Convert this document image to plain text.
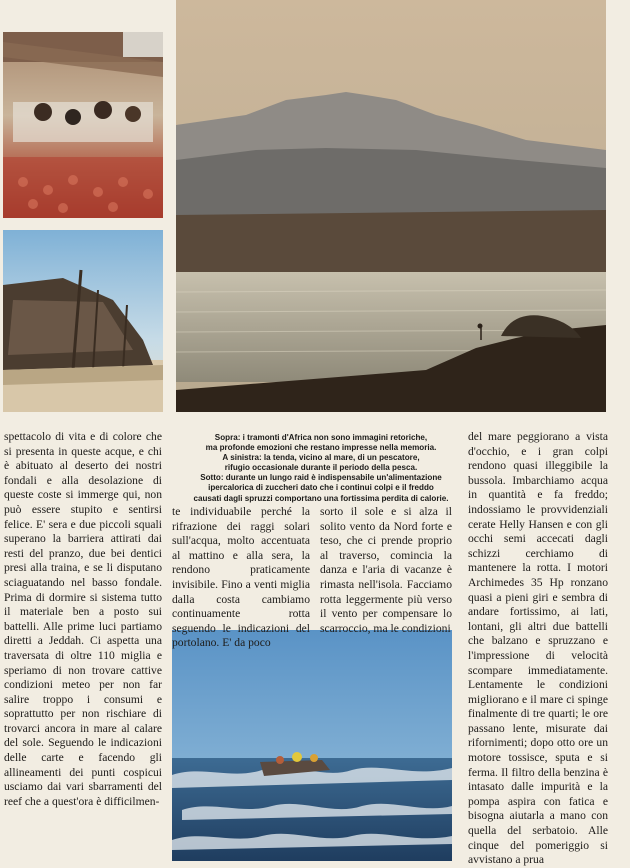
Sopra: i tramonti d'Africa non sono immagini retoriche,

ma profonde emozioni che restano impresse nella memoria.

A sinistra: la tenda, vicino al mare, di un pescatore,

rifugio occasionale durante il periodo della pesca.

Sotto: durante un lungo raid è indispensabile un'alimentazione

ipercalorica di zuccheri dato che i continui colpi e il freddo

causati dagli spruzzi comportano una fortissima perdita di calorie.

spettacolo di vita e di colore che si presenta in queste acque, e chi è abituato al deserto dei nostri fondali e alla desolazione di queste coste si immerge qui, non può essere stupito e sentirsi felice. E' sera e due piccoli squali superano la barriera attirati dai resti del pranzo, due bei dentici presi alla traina, e se li disputano sciaguatando nel basso fondale. Prima di dormire si sistema tutto il materiale ben a posto sui battelli. Alle prime luci partiamo diretti a Jeddah. Ci aspetta una traversata di oltre 110 miglia e speriamo di non trovare cattive condizioni meteo per non far salire troppo i consumi e soprattutto per non rischiare di trovarci ancora in mare al calare del sole. Seguendo le indicazioni delle carte e facendo gli allineamenti dei punti cospicui usciamo dai vari sbarramenti del reef che a quest'ora è difficilmen-

te individuabile perché la rifrazione dei raggi solari sull'acqua, molto accentuata al mattino e alla sera, la rendono praticamente invisibile. Fino a venti miglia dalla costa cambiamo continuamente rotta seguendo le indicazioni del portolano. E' da poco

sorto il sole e si alza il solito vento da Nord forte e teso, che ci prende proprio al traverso, comincia la danza e l'aria di vacanze è rimasta nell'isola. Facciamo rotta leggermente più verso il vento per compensare lo scarroccio, ma le condizioni

del mare peggiorano a vista d'occhio, e i gran colpi rendono quasi illeggibile la bussola. Imbarchiamo acqua in quantità e fa freddo; indossiamo le provvidenziali cerate Helly Hansen e con gli occhi semi accecati dagli schizzi cerchiamo di mantenere la rotta. I motori Archimedes 35 Hp ronzano quasi a pieni giri e sembra di andare fortissimo, ai lati, lontani, gli altri due battelli che balzano e spruzzano e l'impressione di velocità scompare immediatamente. Lentamente le condizioni migliorano e il mare ci spinge finalmente di tre quarti; le ore passano lente, misurate dai rifornimenti; dopo otto ore un motore tossisce, sputa e si ferma. Il filtro della benzina è intasato dalle impurità e la pompa aspira con fatica e bisogna aiutarla a mano con quella del serbatoio. Alle cinque del pomeriggio si avvistano a prua
